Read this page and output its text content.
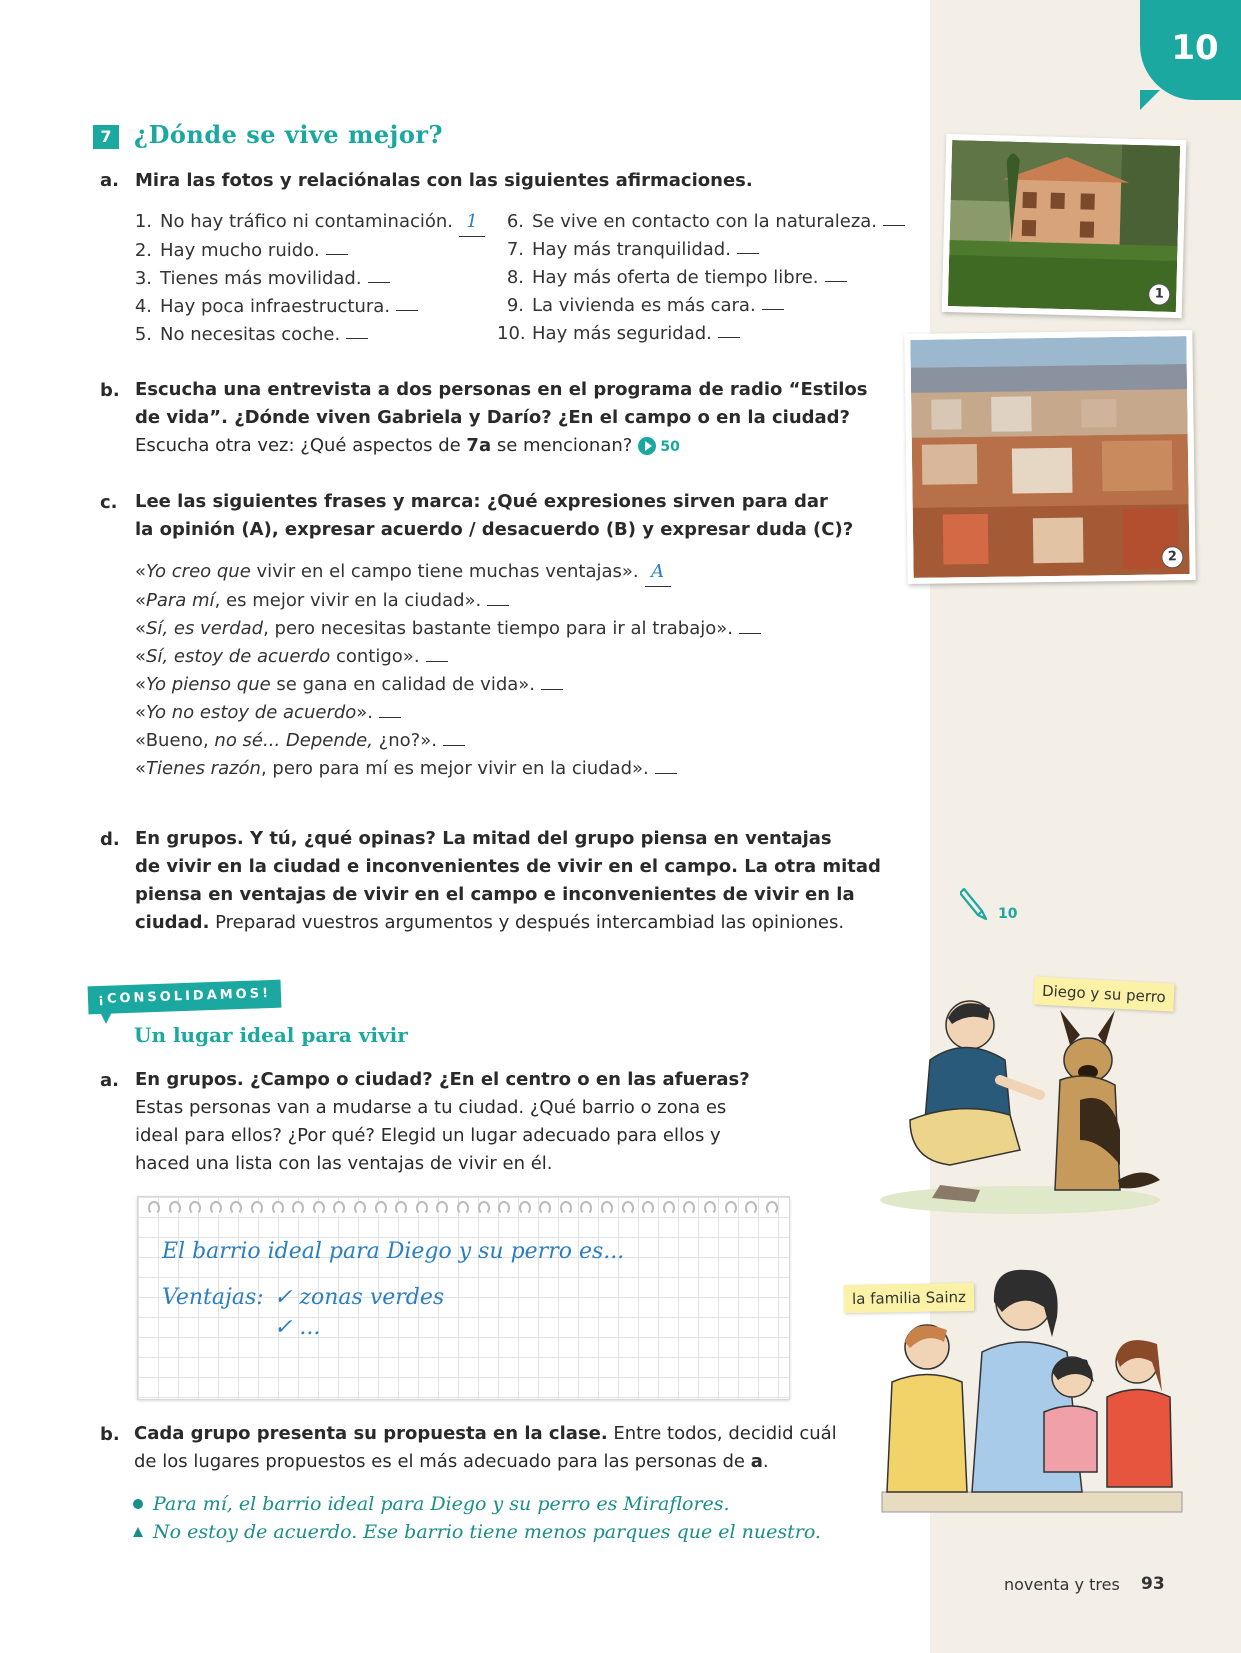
10
7 ¿Dónde se vive mejor?
a. Mira las fotos y relaciónalas con las siguientes afirmaciones.
1. No hay tráfico ni contaminación. 1
2. Hay mucho ruido.
3. Tienes más movilidad.
4. Hay poca infraestructura.
5. No necesitas coche.
6. Se vive en contacto con la naturaleza.
7. Hay más tranquilidad.
8. Hay más oferta de tiempo libre.
9. La vivienda es más cara.
10. Hay más seguridad.
b. Escucha una entrevista a dos personas en el programa de radio “Estilos
de vida”. ¿Dónde viven Gabriela y Darío? ¿En el campo o en la ciudad?
Escucha otra vez: ¿Qué aspectos de 7a se mencionan? 50
c. Lee las siguientes frases y marca: ¿Qué expresiones sirven para dar
la opinión (A), expresar acuerdo / desacuerdo (B) y expresar duda (C)?
«Yo creo que vivir en el campo tiene muchas ventajas». A
«Para mí, es mejor vivir en la ciudad».
«Sí, es verdad, pero necesitas bastante tiempo para ir al trabajo».
«Sí, estoy de acuerdo contigo».
«Yo pienso que se gana en calidad de vida».
«Yo no estoy de acuerdo».
«Bueno, no sé... Depende, ¿no?».
«Tienes razón, pero para mí es mejor vivir en la ciudad».
d. En grupos. Y tú, ¿qué opinas? La mitad del grupo piensa en ventajas
de vivir en la ciudad e inconvenientes de vivir en el campo. La otra mitad
piensa en ventajas de vivir en el campo e inconvenientes de vivir en la
ciudad. Preparad vuestros argumentos y después intercambiad las opiniones.	10
1
2
¡CONSOLIDAMOS!
Un lugar ideal para vivir
a. En grupos. ¿Campo o ciudad? ¿En el centro o en las afueras?
Estas personas van a mudarse a tu ciudad. ¿Qué barrio o zona es
ideal para ellos? ¿Por qué? Elegid un lugar adecuado para ellos y
haced una lista con las ventajas de vivir en él.
El barrio ideal para Diego y su perro es...
Ventajas: ✓ zonas verdes
✓ ...
b. Cada grupo presenta su propuesta en la clase. Entre todos, decidid cuál
de los lugares propuestos es el más adecuado para las personas de a.
Para mí, el barrio ideal para Diego y su perro es Miraflores.
No estoy de acuerdo. Ese barrio tiene menos parques que el nuestro.
Diego y su perro
la familia Sainz
noventa y tres 93
